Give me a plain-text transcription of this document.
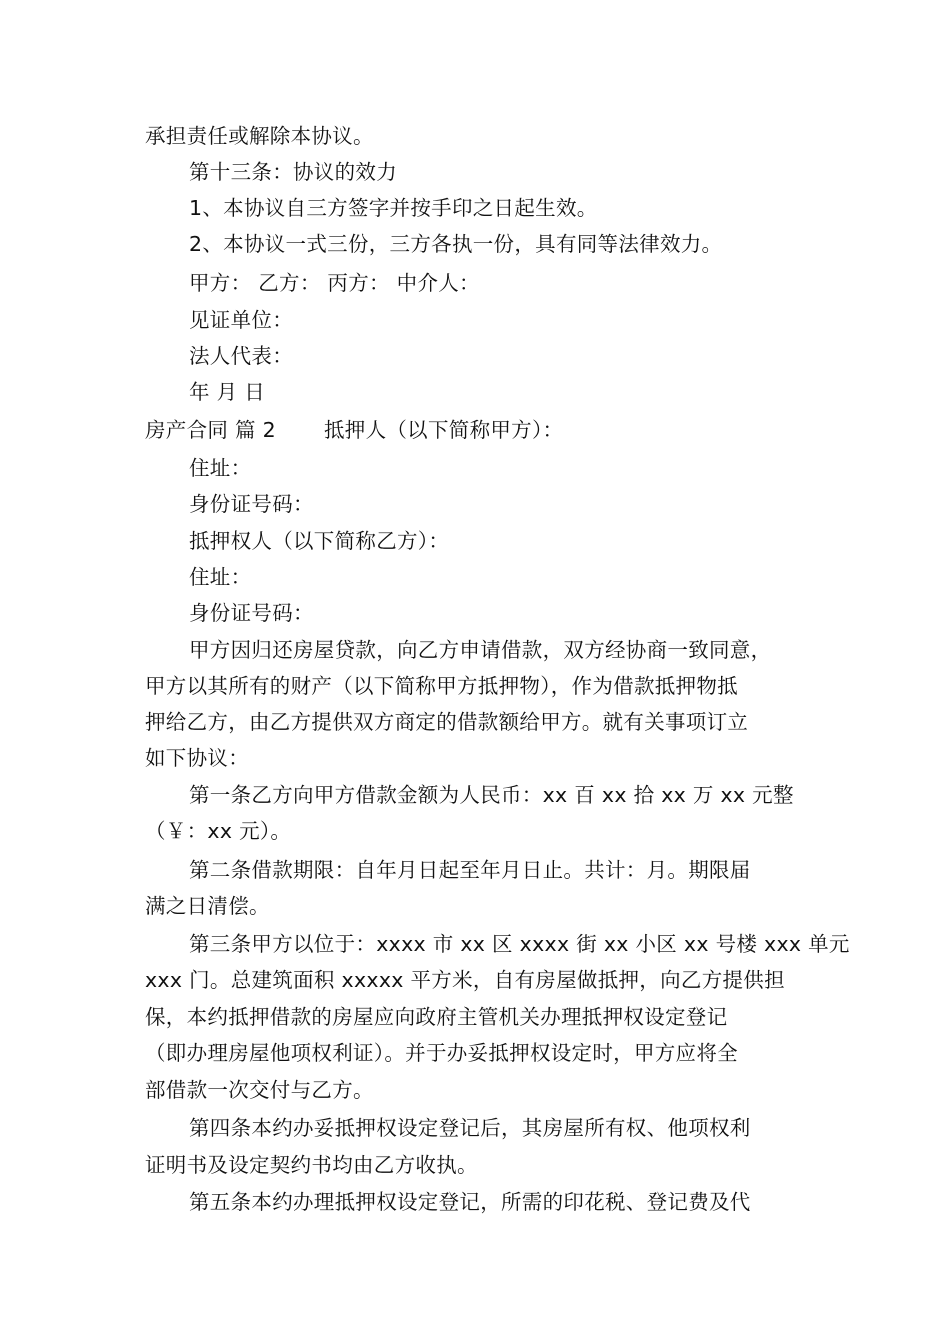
承担责任或解除本协议。
第十三条：协议的效力
1、本协议自三方签字并按手印之日起生效。
2、本协议一式三份，三方各执一份，具有同等法律效力。
甲方： 乙方： 丙方： 中介人：
见证单位：
法人代表：
年 月 日
房产合同 篇 2 抵押人（以下简称甲方）：
住址：
身份证号码：
抵押权人（以下简称乙方）：
住址：
身份证号码：
甲方因归还房屋贷款，向乙方申请借款，双方经协商一致同意，
甲方以其所有的财产（以下简称甲方抵押物），作为借款抵押物抵
押给乙方，由乙方提供双方商定的借款额给甲方。就有关事项订立
如下协议：
第一条乙方向甲方借款金额为人民币：xx 百 xx 拾 xx 万 xx 元整
（￥：xx 元）。
第二条借款期限：自年月日起至年月日止。共计：月。期限届
满之日清偿。
第三条甲方以位于：xxxx 市 xx 区 xxxx 街 xx 小区 xx 号楼 xxx 单元
xxx 门。总建筑面积 xxxxx 平方米，自有房屋做抵押，向乙方提供担
保，本约抵押借款的房屋应向政府主管机关办理抵押权设定登记
（即办理房屋他项权利证）。并于办妥抵押权设定时，甲方应将全
部借款一次交付与乙方。
第四条本约办妥抵押权设定登记后，其房屋所有权、他项权利
证明书及设定契约书均由乙方收执。
第五条本约办理抵押权设定登记，所需的印花税、登记费及代
